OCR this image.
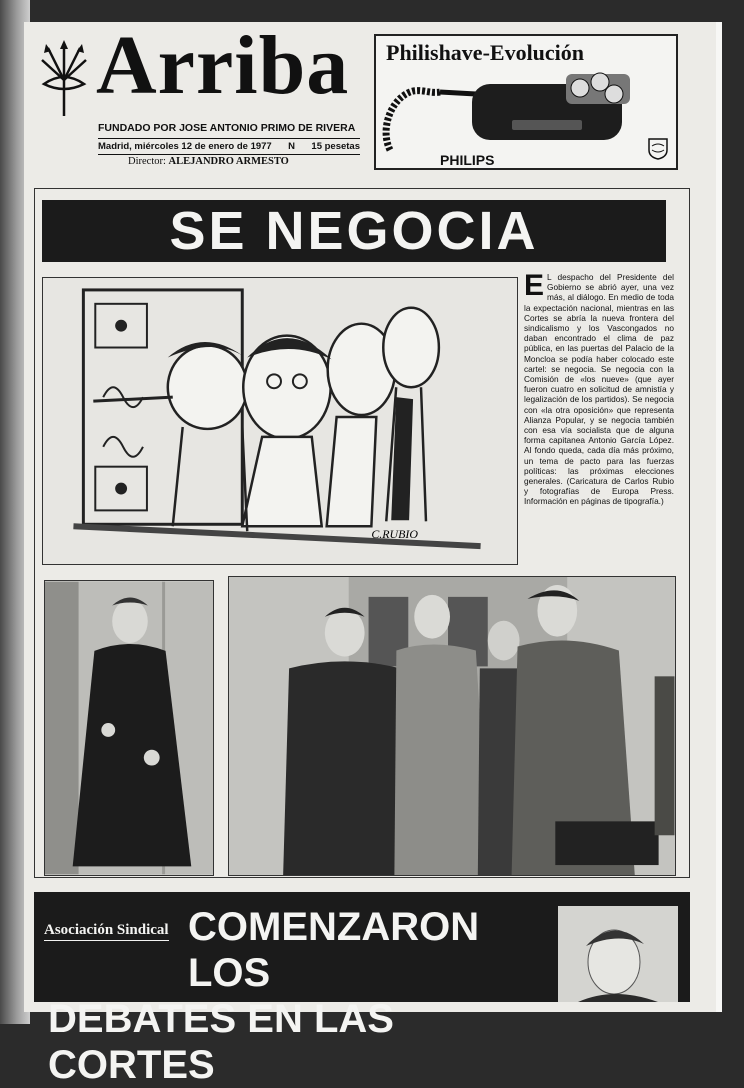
Arriba
FUNDADO POR JOSE ANTONIO PRIMO DE RIVERA
Madrid, miércoles 12 de enero de 1977 N 15 pesetas
Director: ALEJANDRO ARMESTO
Philishave-Evolución
PHILIPS
SE NEGOCIA
C.RUBIO
E L despacho del Presidente del Gobierno se abrió ayer, una vez más, al diálogo. En medio de toda la expectación nacional, mientras en las Cortes se abría la nueva frontera del sindicalismo y los Vascongados no daban encontrado el clima de paz pública, en las puertas del Palacio de la Moncloa se podía haber colocado este cartel: se negocia. Se negocia con la Comisión de «los nueve» (que ayer fueron cuatro en solicitud de amnistía y legalización de los partidos). Se negocia con «la otra oposición» que representa Alianza Popular, y se negocia también con esa vía socialista que de alguna forma capitanea Antonio García López. Al fondo queda, cada día más próximo, un tema de pacto para las fuerzas políticas: las próximas elecciones generales. (Caricatura de Carlos Rubio y fotografías de Europa Press. Información en páginas de tipografía.)
Asociación Sindical COMENZARON LOS
DEBATES EN LAS CORTES
